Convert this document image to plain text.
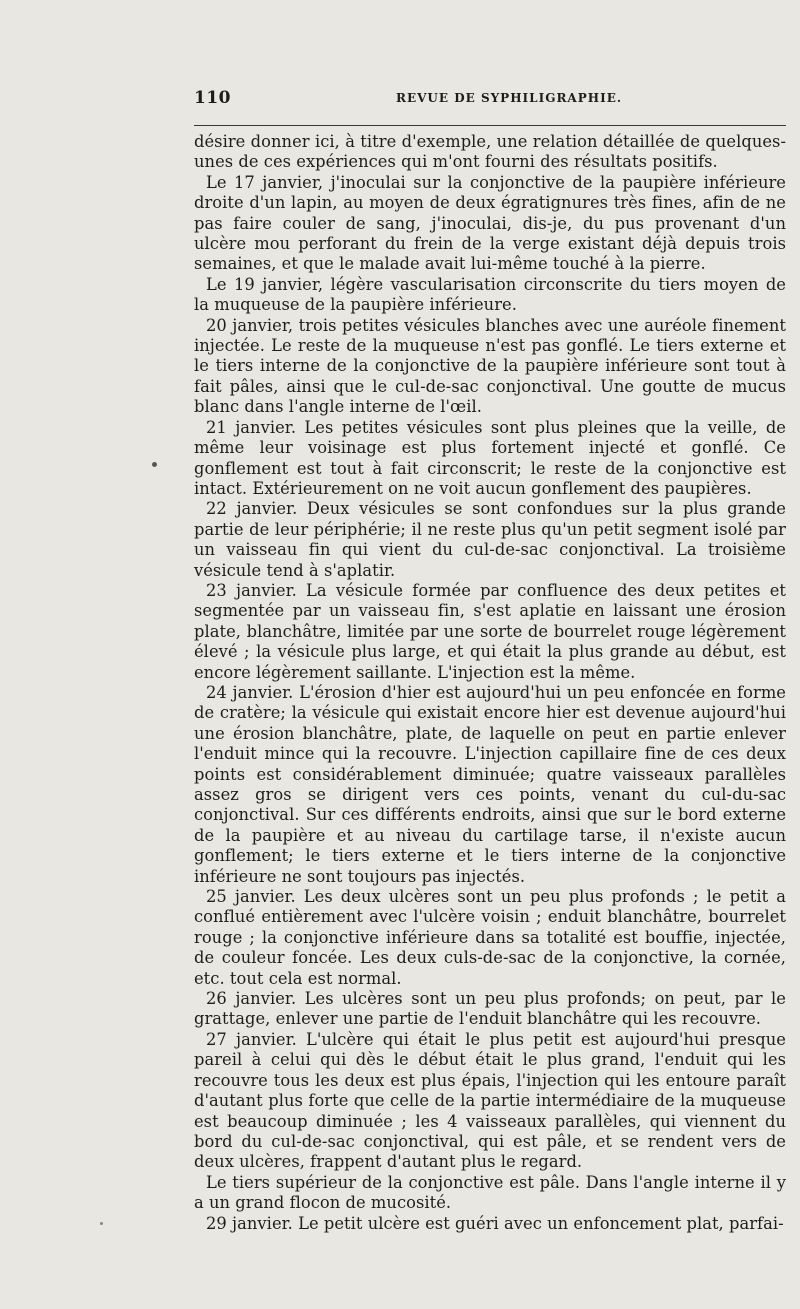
110	REVUE DE SYPHILIGRAPHIE.

désire donner ici, à titre d'exemple, une relation détaillée de quelques-unes de ces expériences qui m'ont fourni des résultats positifs.

Le 17 janvier, j'inoculai sur la conjonctive de la paupière inférieure droite d'un lapin, au moyen de deux égratignures très fines, afin de ne pas faire couler de sang, j'inoculai, dis-je, du pus provenant d'un ulcère mou perforant du frein de la verge existant déjà depuis trois semaines, et que le malade avait lui-même touché à la pierre.

Le 19 janvier, légère vascularisation circonscrite du tiers moyen de la muqueuse de la paupière inférieure.

20 janvier, trois petites vésicules blanches avec une auréole finement injectée. Le reste de la muqueuse n'est pas gonflé. Le tiers externe et le tiers interne de la conjonctive de la paupière inférieure sont tout à fait pâles, ainsi que le cul-de-sac conjonctival. Une goutte de mucus blanc dans l'angle interne de l'œil.

21 janvier. Les petites vésicules sont plus pleines que la veille, de même leur voisinage est plus fortement injecté et gonflé. Ce gonflement est tout à fait circonscrit; le reste de la conjonctive est intact. Extérieurement on ne voit aucun gonflement des paupières.

22 janvier. Deux vésicules se sont confondues sur la plus grande partie de leur périphérie; il ne reste plus qu'un petit segment isolé par un vaisseau fin qui vient du cul-de-sac conjonctival. La troisième vésicule tend à s'aplatir.

23 janvier. La vésicule formée par confluence des deux petites et segmentée par un vaisseau fin, s'est aplatie en laissant une érosion plate, blanchâtre, limitée par une sorte de bourrelet rouge légèrement élevé ; la vésicule plus large, et qui était la plus grande au début, est encore légèrement saillante. L'injection est la même.

24 janvier. L'érosion d'hier est aujourd'hui un peu enfoncée en forme de cratère; la vésicule qui existait encore hier est devenue aujourd'hui une érosion blanchâtre, plate, de laquelle on peut en partie enlever l'enduit mince qui la recouvre. L'injection capillaire fine de ces deux points est considérablement diminuée; quatre vaisseaux parallèles assez gros se dirigent vers ces points, venant du cul-du-sac conjonctival. Sur ces différents endroits, ainsi que sur le bord externe de la paupière et au niveau du cartilage tarse, il n'existe aucun gonflement; le tiers externe et le tiers interne de la conjonctive inférieure ne sont toujours pas injectés.

25 janvier. Les deux ulcères sont un peu plus profonds ; le petit a conflué entièrement avec l'ulcère voisin ; enduit blanchâtre, bourrelet rouge ; la conjonctive inférieure dans sa totalité est bouffie, injectée, de couleur foncée. Les deux culs-de-sac de la conjonctive, la cornée, etc. tout cela est normal.

26 janvier. Les ulcères sont un peu plus profonds; on peut, par le grattage, enlever une partie de l'enduit blanchâtre qui les recouvre.

27 janvier. L'ulcère qui était le plus petit est aujourd'hui presque pareil à celui qui dès le début était le plus grand, l'enduit qui les recouvre tous les deux est plus épais, l'injection qui les entoure paraît d'autant plus forte que celle de la partie intermédiaire de la muqueuse est beaucoup diminuée ; les 4 vaisseaux parallèles, qui viennent du bord du cul-de-sac conjonctival, qui est pâle, et se rendent vers de deux ulcères, frappent d'autant plus le regard.

Le tiers supérieur de la conjonctive est pâle. Dans l'angle interne il y a un grand flocon de mucosité.

29 janvier. Le petit ulcère est guéri avec un enfoncement plat, parfai-
